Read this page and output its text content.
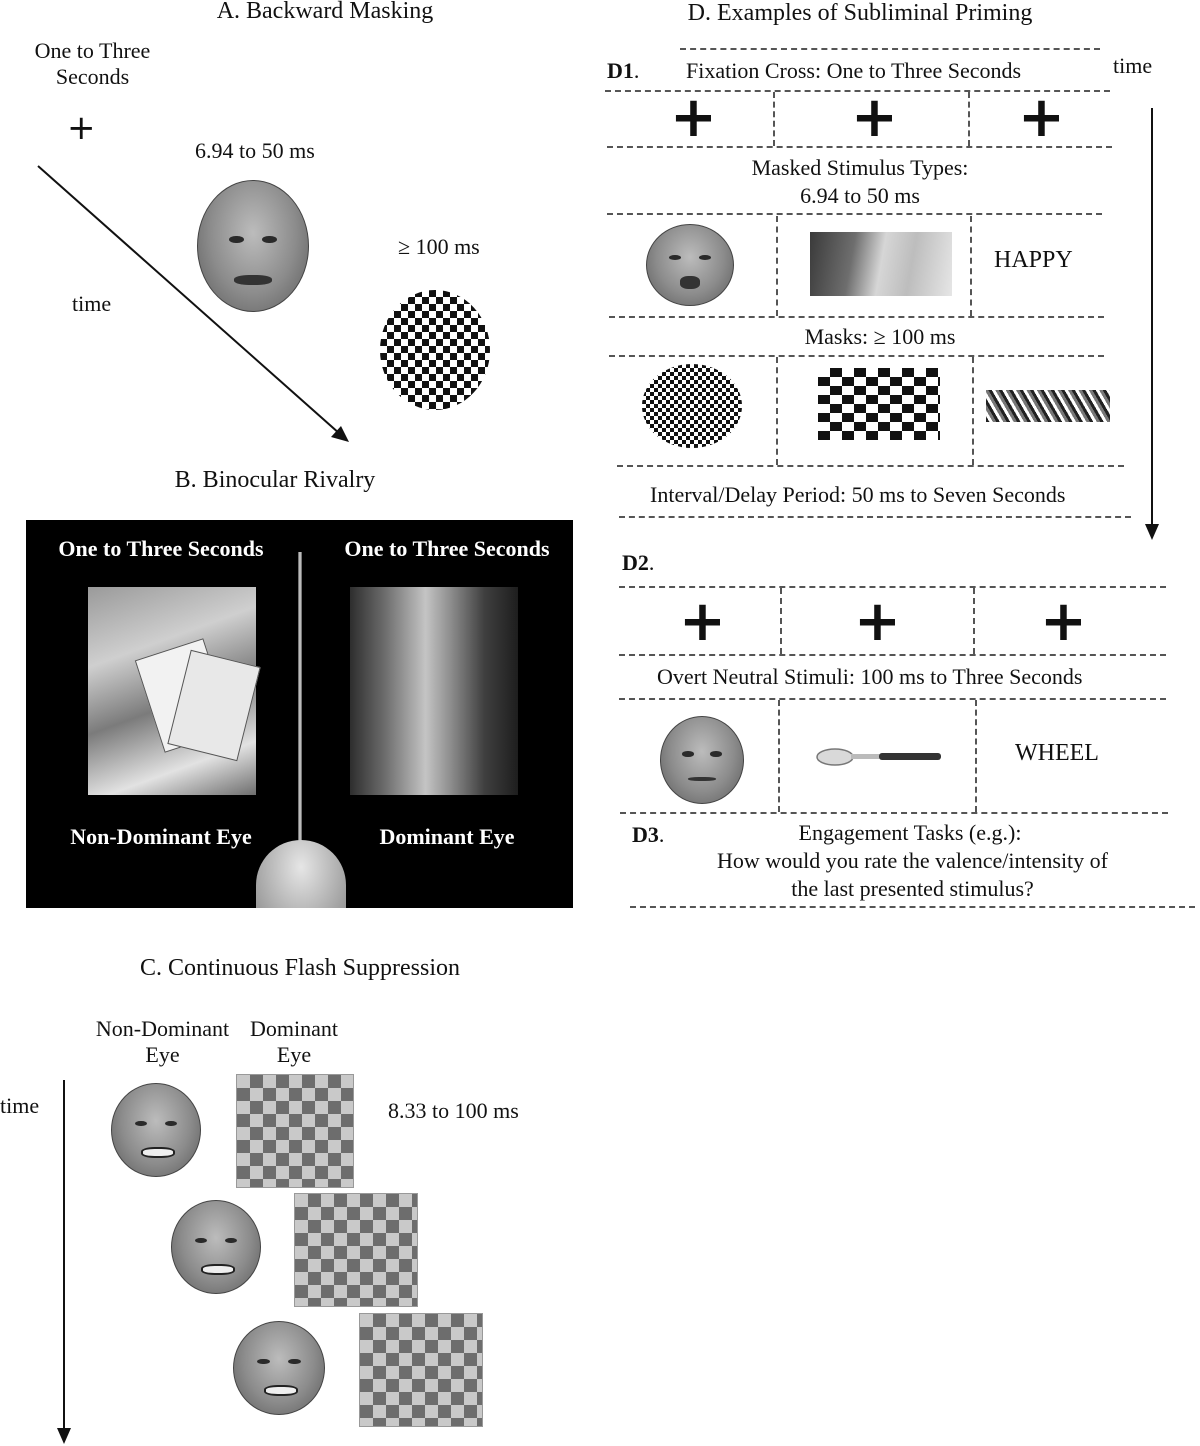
A. Backward Masking
One to Three
Seconds
+
6.94 to 50 ms
≥ 100 ms
time
B. Binocular Rivalry
One to Three Seconds	One to Three Seconds
Non-Dominant Eye	Dominant Eye
C. Continuous Flash Suppression
Non-Dominant
Eye
Dominant
Eye
time	8.33 to 100 ms
D. Examples of Subliminal Priming
time
D1. Fixation Cross: One to Three Seconds
+ + +
Masked Stimulus Types:
6.94 to 50 ms
HAPPY
Masks: ≥ 100 ms
Interval/Delay Period: 50 ms to Seven Seconds
D2.
+ + +
Overt Neutral Stimuli: 100 ms to Three Seconds
WHEEL
D3.	Engagement Tasks (e.g.):
How would you rate the valence/intensity of
the last presented stimulus?
